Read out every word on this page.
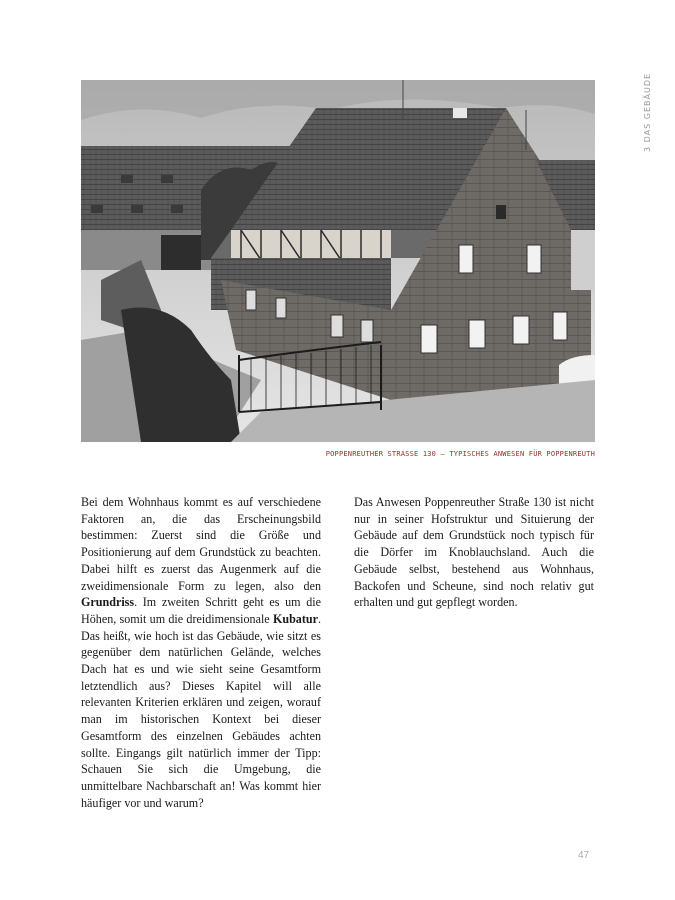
3 DAS GEBÄUDE
POPPENREUTHER STRASSE 130 – TYPISCHES ANWESEN FÜR POPPENREUTH

Bei dem Wohnhaus kommt es auf verschiedene Faktoren an, die das Erscheinungsbild bestimmen: Zuerst sind die Größe und Positionierung auf dem Grundstück zu beachten. Dabei hilft es zuerst das Augenmerk auf die zweidimensionale Form zu legen, also den Grundriss. Im zweiten Schritt geht es um die Höhen, somit um die dreidimensionale Kubatur. Das heißt, wie hoch ist das Gebäude, wie sitzt es gegenüber dem natürlichen Gelände, welches Dach hat es und wie sieht seine Gesamtform letztendlich aus? Dieses Kapitel will alle relevanten Kriterien erklären und zeigen, worauf man im historischen Kontext bei dieser Gesamtform des einzelnen Gebäudes achten sollte. Eingangs gilt natürlich immer der Tipp: Schauen Sie sich die Umgebung, die unmittelbare Nachbarschaft an! Was kommt hier häufiger vor und warum?

Das Anwesen Poppenreuther Straße 130 ist nicht nur in seiner Hofstruktur und Situierung der Gebäude auf dem Grundstück noch typisch für die Dörfer im Knoblauchsland. Auch die Gebäude selbst, bestehend aus Wohnhaus, Backofen und Scheune, sind noch relativ gut erhalten und gut gepflegt worden.

47
